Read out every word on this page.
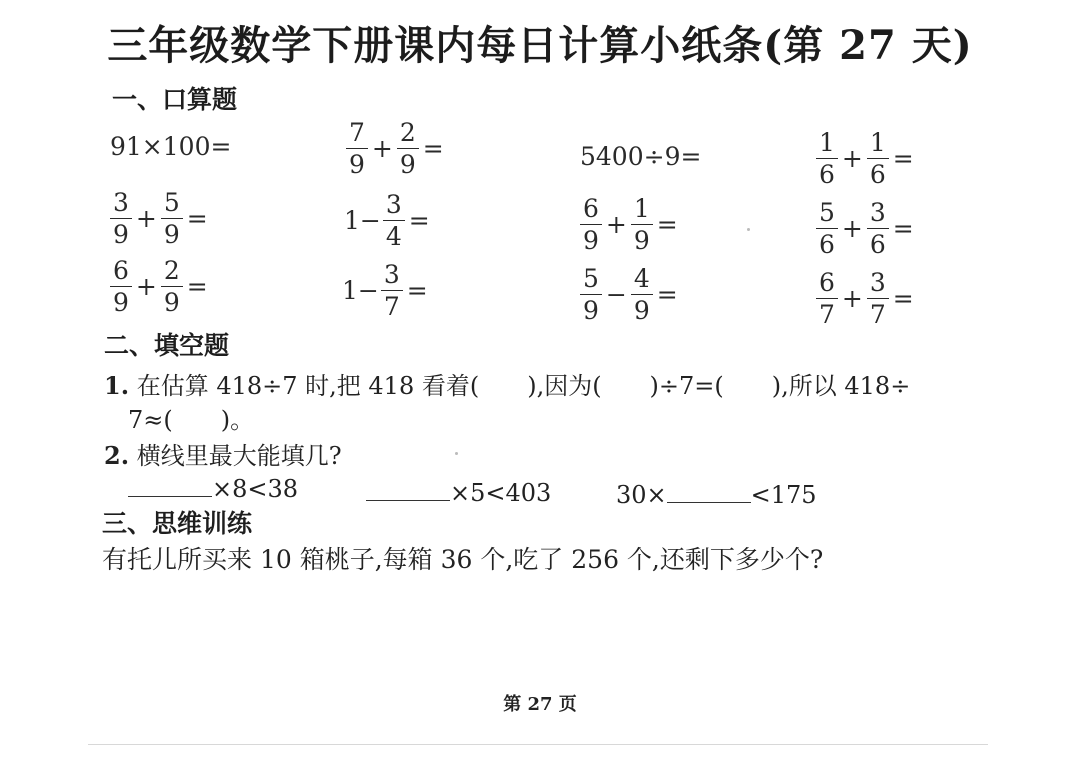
三年级数学下册课内每日计算小纸条(第 27 天)
一、口算题
91×100=	$\frac{7}{9} + \frac{2}{9}$ =	5400÷9=	$\frac{1}{6} + \frac{1}{6}$ =
$\frac{3}{9} + \frac{5}{9}$ =	$1- \frac{3}{4}$ =	$\frac{6}{9} + \frac{1}{9}$ =	$\frac{5}{6} + \frac{3}{6}$ =
$\frac{6}{9} + \frac{2}{9}$ =	$1- \frac{3}{7}$ =	$\frac{5}{9} - \frac{4}{9}$ =	$\frac{6}{7} + \frac{3}{7}$ =
二、填空题
1. 在估算 418÷7 时,把 418 看着(　　),因为(　　)÷7=(　　),所以 418÷
7≈(　　)。
2. 横线里最大能填几?
×8<38	×5<403	30×	<175
三、思维训练
有托儿所买来 10 箱桃子,每箱 36 个,吃了 256 个,还剩下多少个?
第 27 页
